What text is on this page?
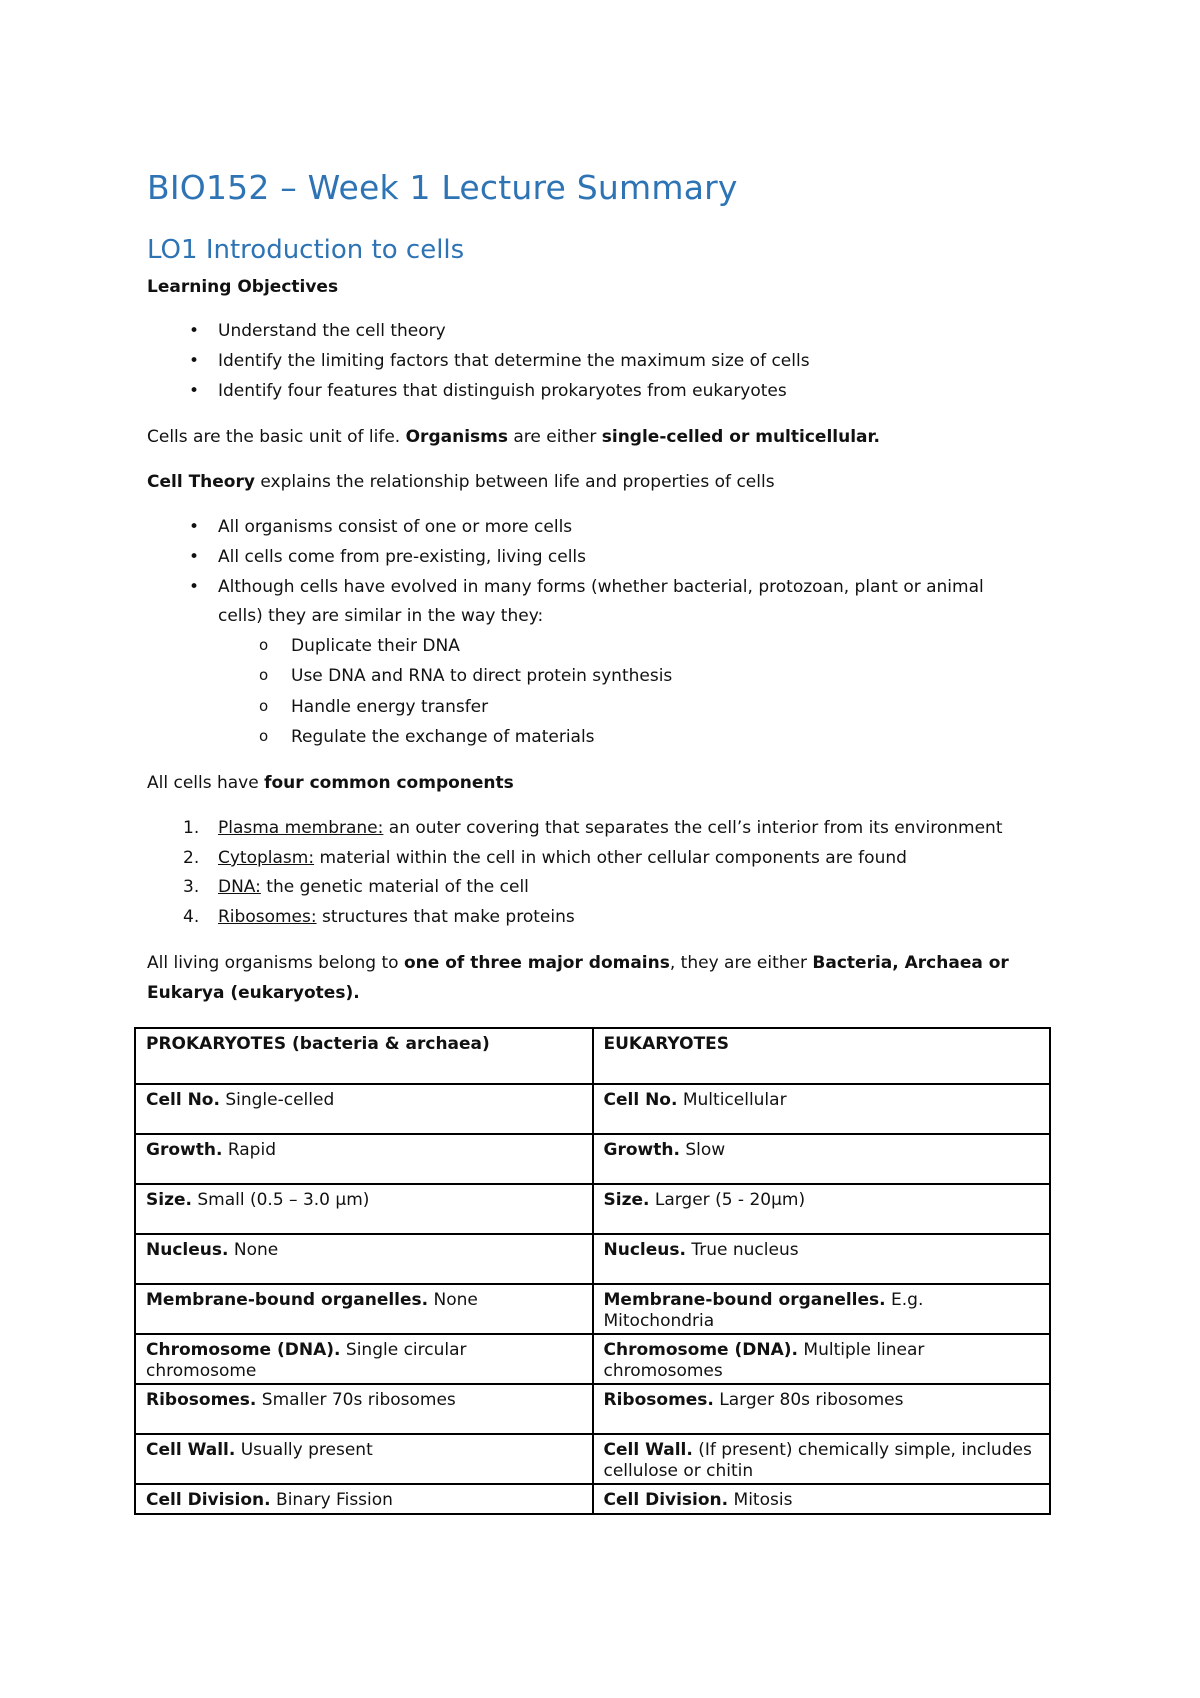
BIO152 – Week 1 Lecture Summary
LO1 Introduction to cells
Learning Objectives
• Understand the cell theory
• Identify the limiting factors that determine the maximum size of cells
• Identify four features that distinguish prokaryotes from eukaryotes
Cells are the basic unit of life. Organisms are either single-celled or multicellular.
Cell Theory explains the relationship between life and properties of cells
• All organisms consist of one or more cells
• All cells come from pre-existing, living cells
• Although cells have evolved in many forms (whether bacterial, protozoan, plant or animal
cells) they are similar in the way they:
o Duplicate their DNA
o Use DNA and RNA to direct protein synthesis
o Handle energy transfer
o Regulate the exchange of materials
All cells have four common components
1. Plasma membrane: an outer covering that separates the cell’s interior from its environment
2. Cytoplasm: material within the cell in which other cellular components are found
3. DNA: the genetic material of the cell
4. Ribosomes: structures that make proteins
All living organisms belong to one of three major domains, they are either Bacteria, Archaea or
Eukarya (eukaryotes).
PROKARYOTES (bacteria & archaea)	EUKARYOTES
Cell No. Single-celled	Cell No. Multicellular
Growth. Rapid	Growth. Slow
Size. Small (0.5 – 3.0 µm)	Size. Larger (5 - 20µm)
Nucleus. None	Nucleus. True nucleus
Membrane-bound organelles. None	Membrane-bound organelles. E.g. Mitochondria
Chromosome (DNA). Single circular chromosome	Chromosome (DNA). Multiple linear chromosomes
Ribosomes. Smaller 70s ribosomes	Ribosomes. Larger 80s ribosomes
Cell Wall. Usually present	Cell Wall. (If present) chemically simple, includes cellulose or chitin
Cell Division. Binary Fission	Cell Division. Mitosis
